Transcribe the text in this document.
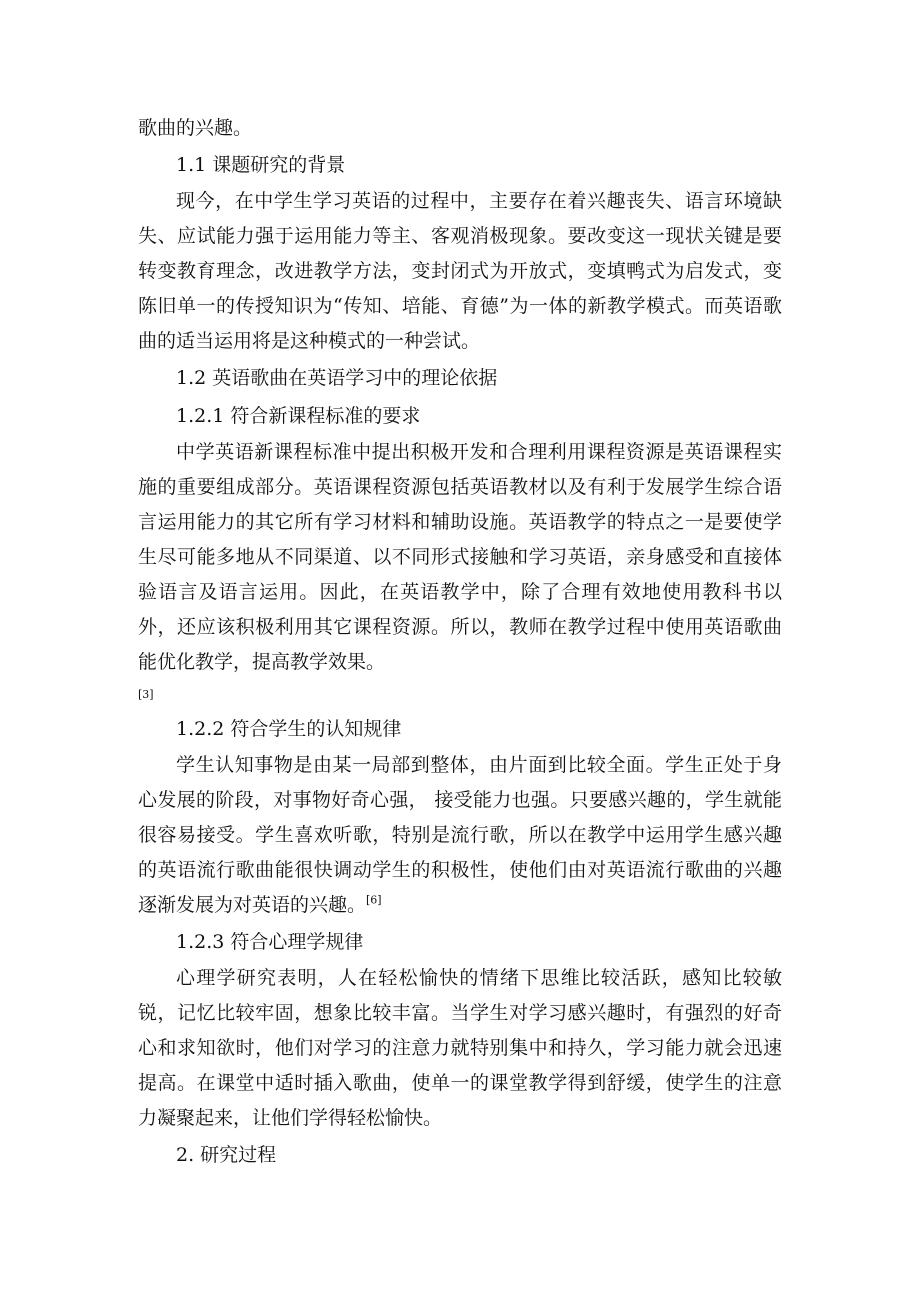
歌曲的兴趣。

1.1 课题研究的背景

现今，在中学生学习英语的过程中，主要存在着兴趣丧失、语言环境缺失、应试能力强于运用能力等主、客观消极现象。要改变这一现状关键是要转变教育理念，改进教学方法，变封闭式为开放式，变填鸭式为启发式，变陈旧单一的传授知识为“传知、培能、育德”为一体的新教学模式。而英语歌曲的适当运用将是这种模式的一种尝试。

1.2 英语歌曲在英语学习中的理论依据

1.2.1 符合新课程标准的要求

中学英语新课程标准中提出积极开发和合理利用课程资源是英语课程实施的重要组成部分。英语课程资源包括英语教材以及有利于发展学生综合语言运用能力的其它所有学习材料和辅助设施。英语教学的特点之一是要使学生尽可能多地从不同渠道、以不同形式接触和学习英语，亲身感受和直接体验语言及语言运用。因此，在英语教学中，除了合理有效地使用教科书以外，还应该积极利用其它课程资源。所以，教师在教学过程中使用英语歌曲能优化教学，提高教学效果。

[3]

1.2.2 符合学生的认知规律

学生认知事物是由某一局部到整体，由片面到比较全面。学生正处于身心发展的阶段，对事物好奇心强， 接受能力也强。只要感兴趣的，学生就能很容易接受。学生喜欢听歌，特别是流行歌，所以在教学中运用学生感兴趣的英语流行歌曲能很快调动学生的积极性，使他们由对英语流行歌曲的兴趣逐渐发展为对英语的兴趣。[6]

1.2.3 符合心理学规律

心理学研究表明，人在轻松愉快的情绪下思维比较活跃，感知比较敏锐，记忆比较牢固，想象比较丰富。当学生对学习感兴趣时，有强烈的好奇心和求知欲时，他们对学习的注意力就特别集中和持久，学习能力就会迅速提高。在课堂中适时插入歌曲，使单一的课堂教学得到舒缓，使学生的注意力凝聚起来，让他们学得轻松愉快。

2. 研究过程
